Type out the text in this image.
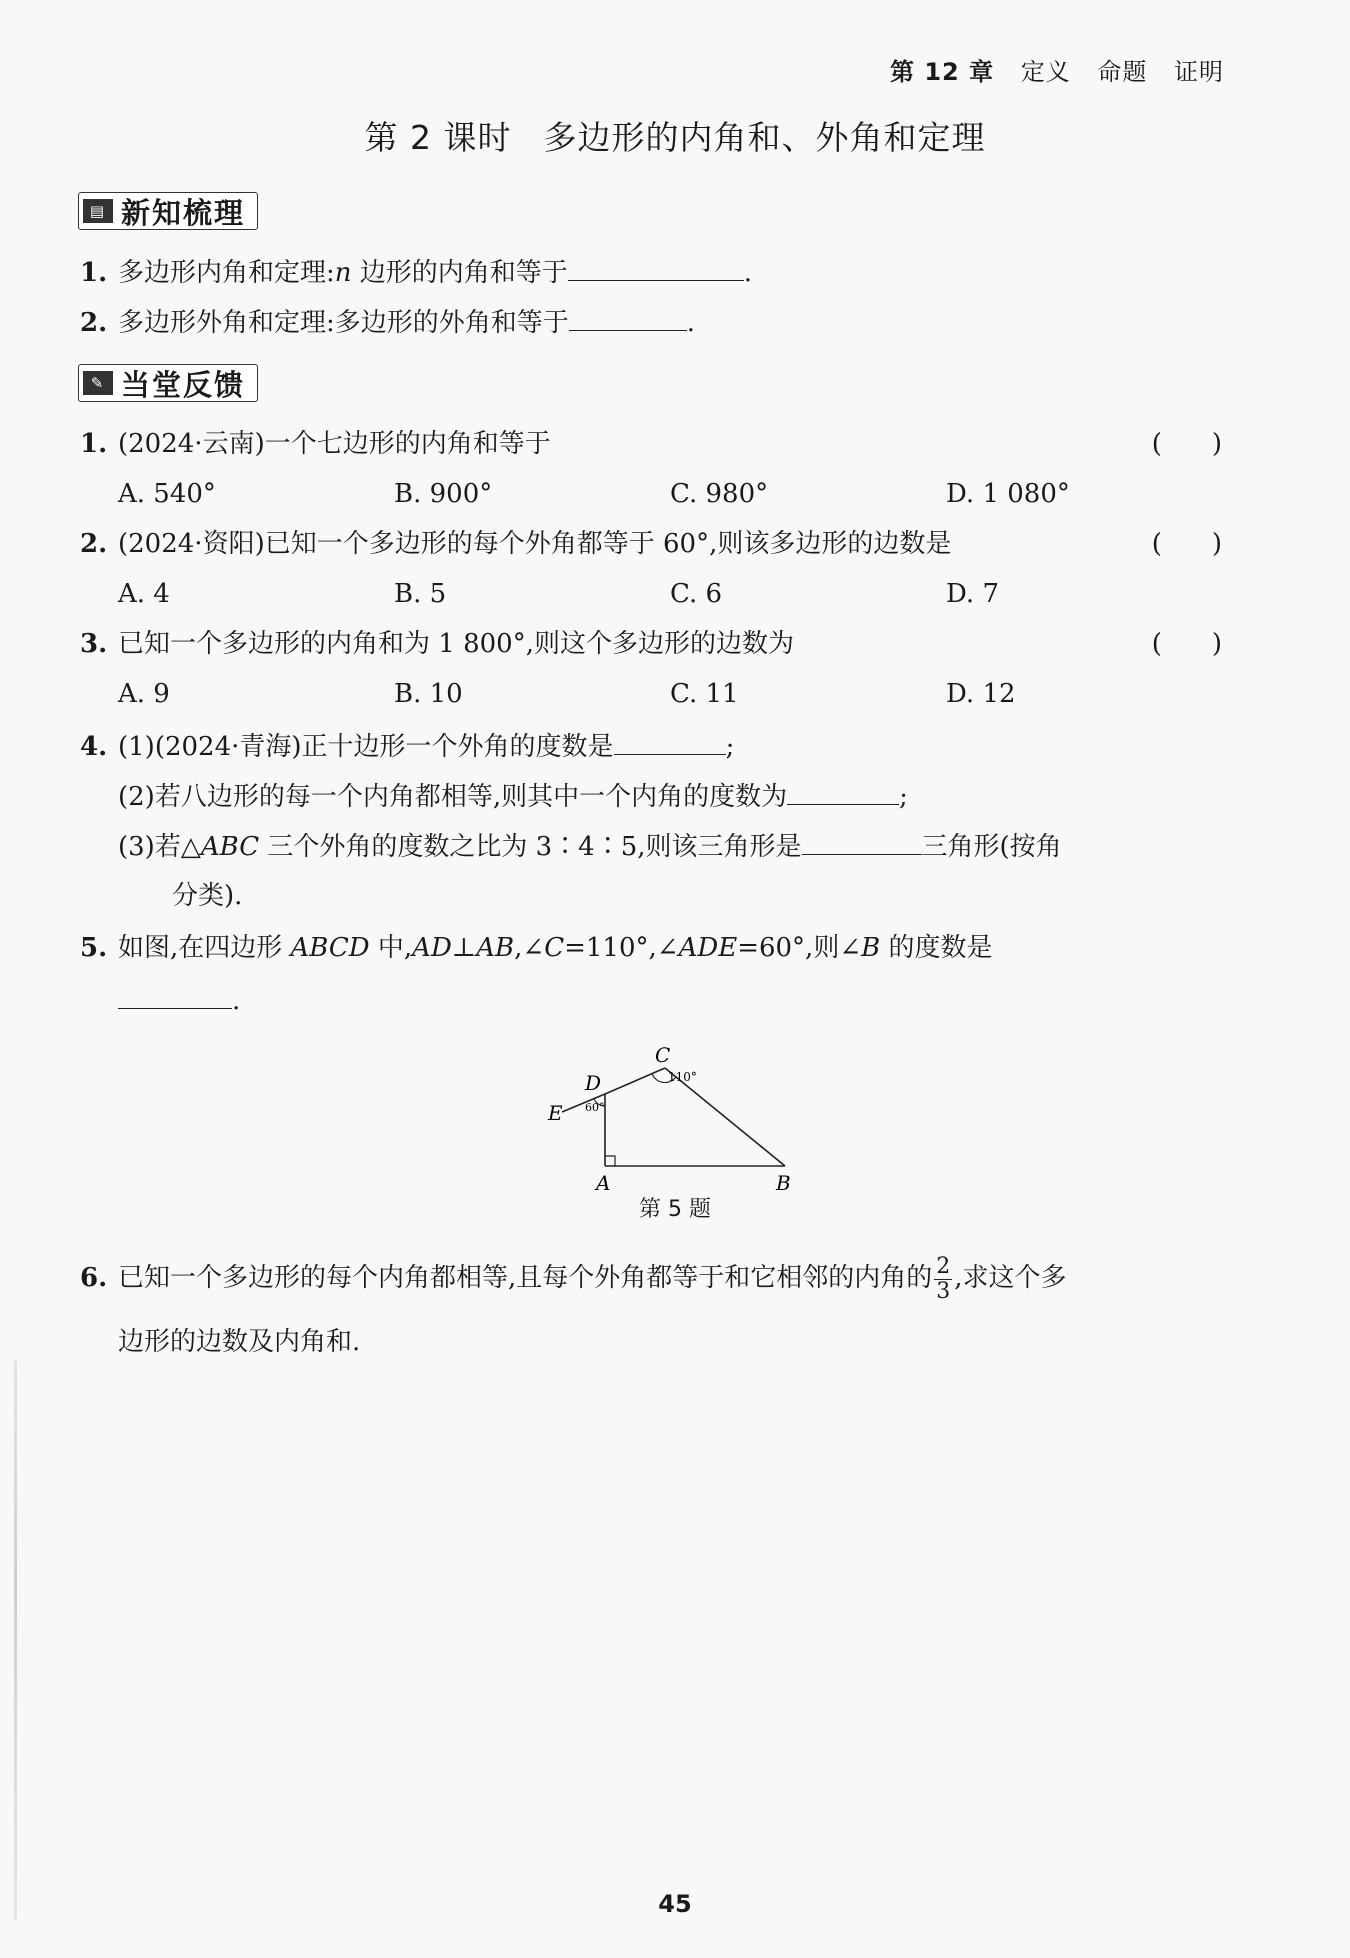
第 12 章 定义 命题 证明
第 2 课时 多边形的内角和、外角和定理
▤ 新知梳理
1. 多边形内角和定理:n 边形的内角和等于	.
2. 多边形外角和定理:多边形的外角和等于	.
✎ 当堂反馈
1. (2024·云南)一个七边形的内角和等于	( )
A. 540°	B. 900°	C. 980°	D. 1 080°
2. (2024·资阳)已知一个多边形的每个外角都等于 60°,则该多边形的边数是	( )
A. 4	B. 5	C. 6	D. 7
3. 已知一个多边形的内角和为 1 800°,则这个多边形的边数为	( )
A. 9	B. 10	C. 11	D. 12
4. (1)(2024·青海)正十边形一个外角的度数是	;
(2)若八边形的每一个内角都相等,则其中一个内角的度数为	;
(3)若△ABC 三个外角的度数之比为 3∶4∶5,则该三角形是	三角形(按角
分类).
5. 如图,在四边形 ABCD 中,AD⊥AB,∠C=110°,∠ADE=60°,则∠B 的度数是
.
110°
60°
C
D
E
A	B
第 5 题
6. 已知一个多边形的每个内角都相等,且每个外角都等于和它相邻的内角的 $\frac{2}{3}$ ,求这个多
边形的边数及内角和.
45
